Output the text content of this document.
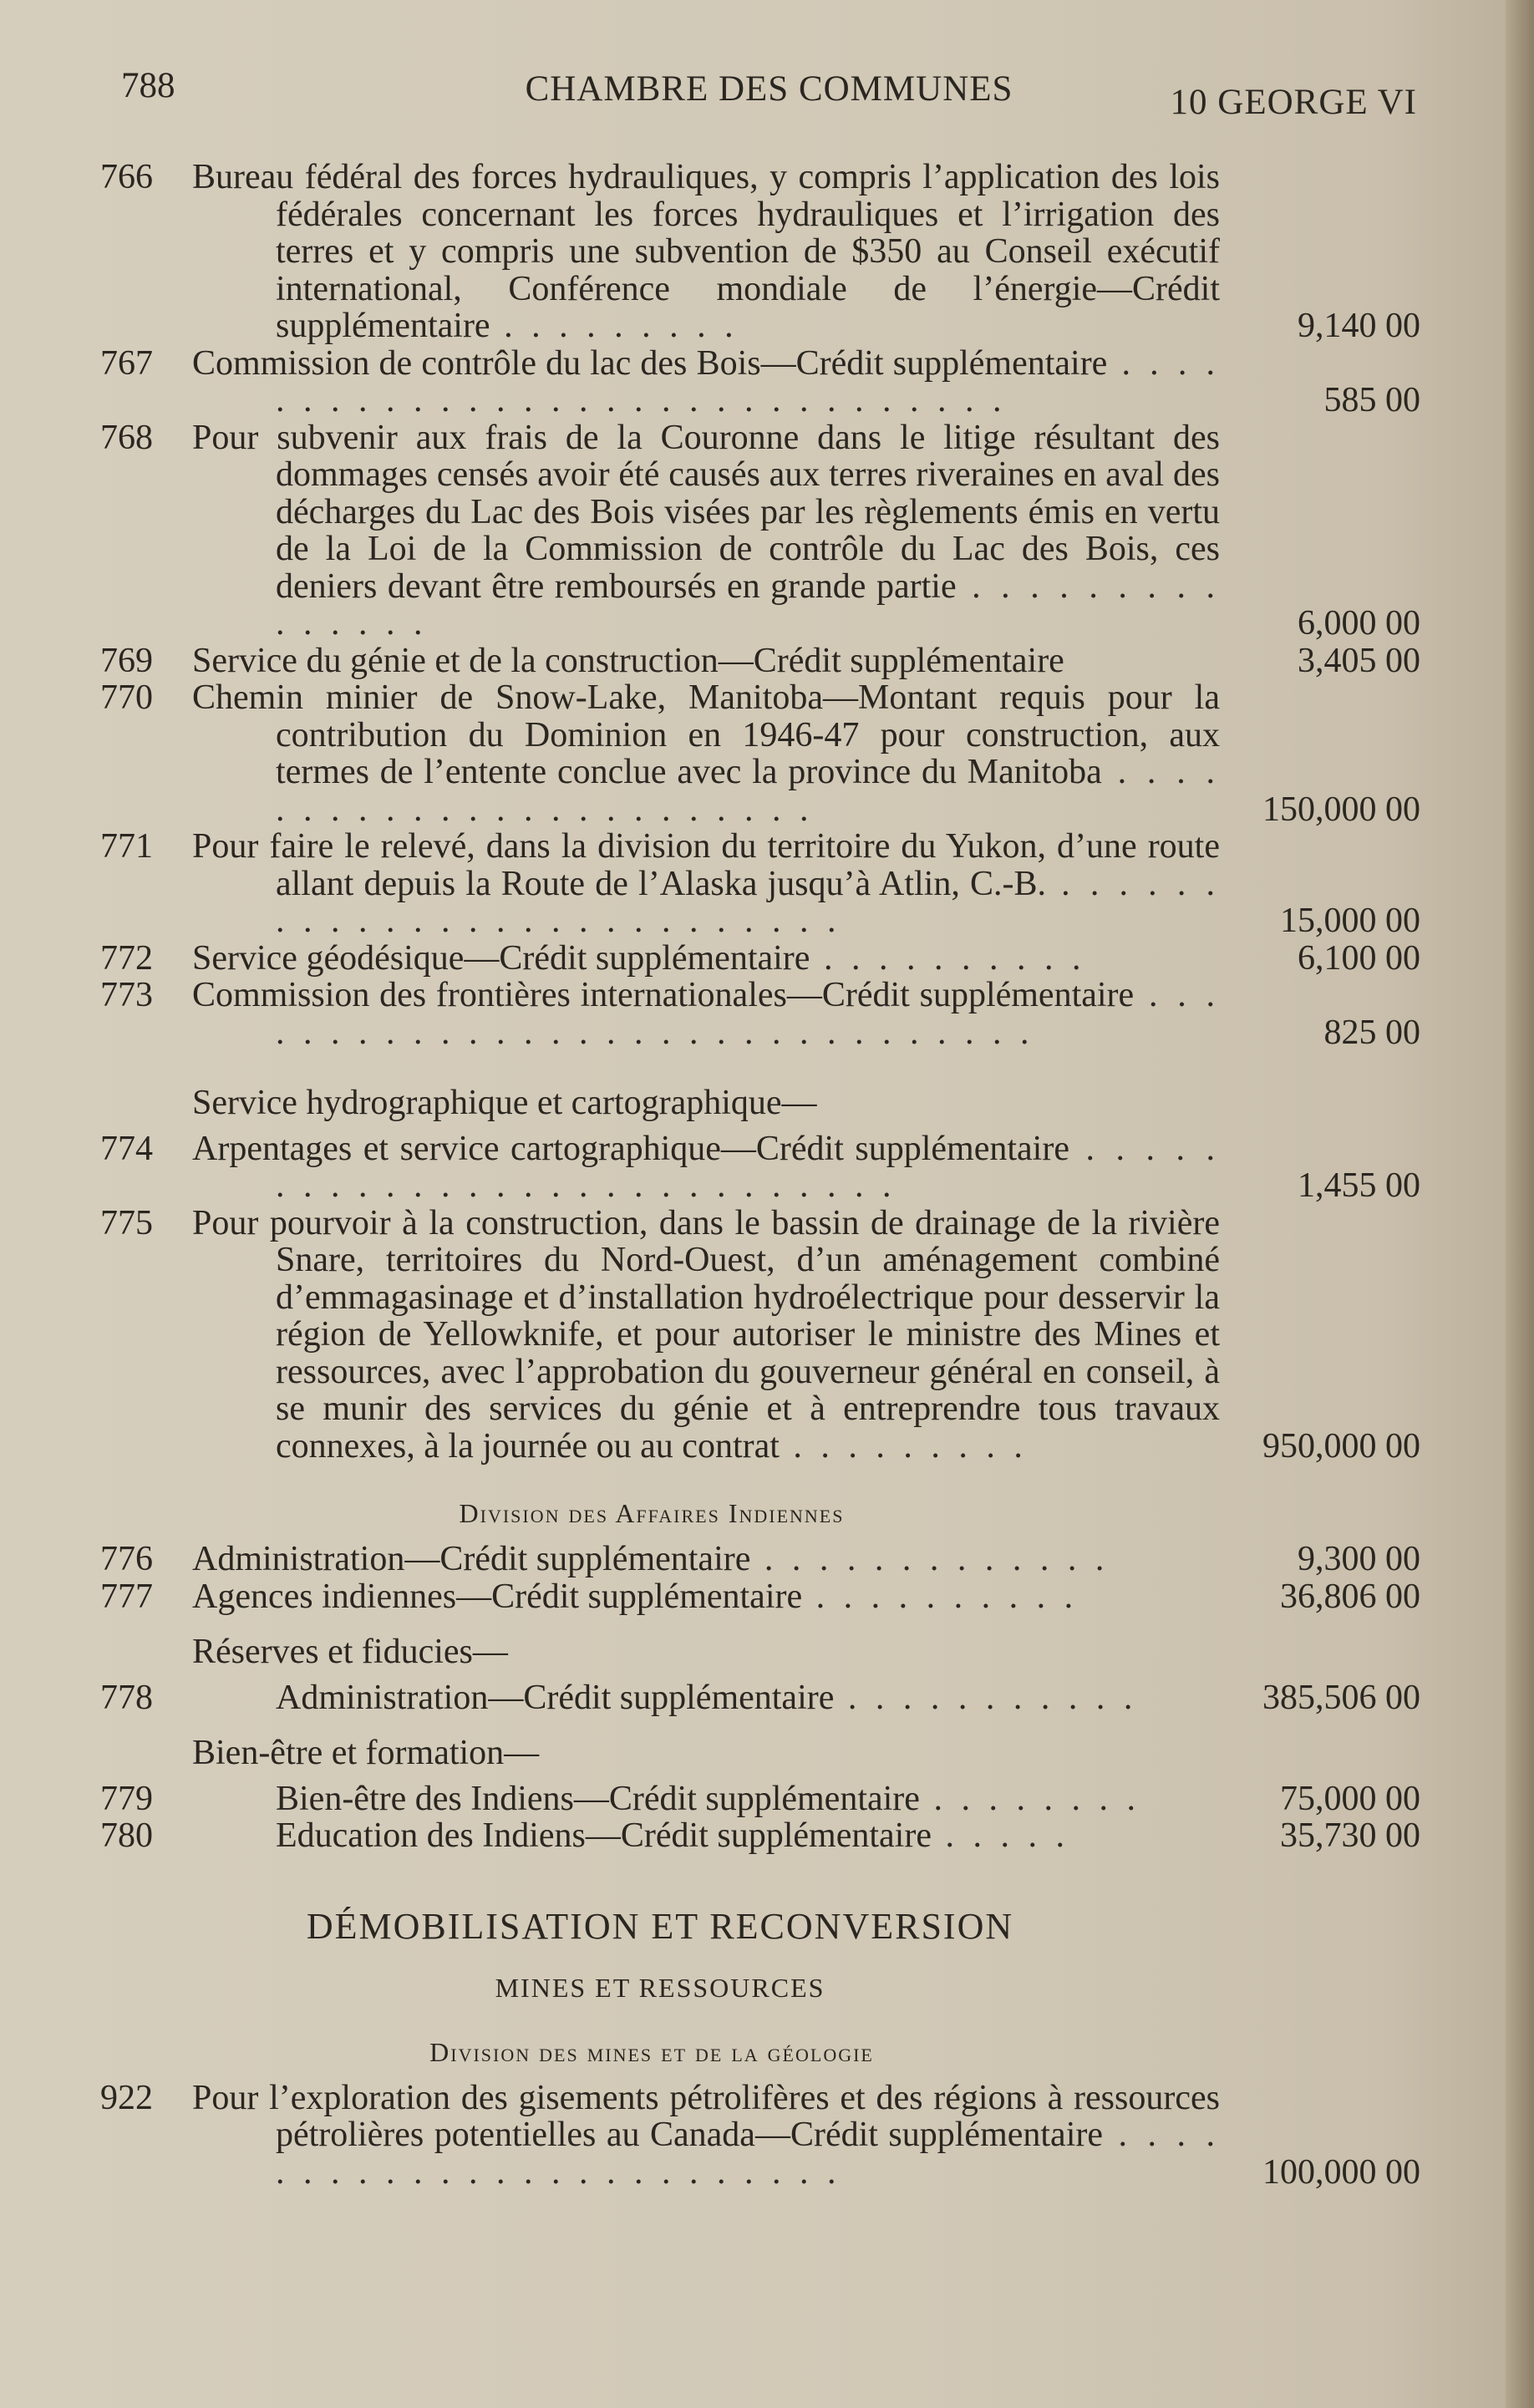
788	CHAMBRE DES COMMUNES	10 GEORGE VI
766	Bureau fédéral des forces hydrauliques, y compris l’application des lois fédérales concernant les forces hydrauliques et l’irrigation des terres et y compris une subvention de $350 au Conseil exécutif international, Conférence mondiale de l’énergie—Crédit supplémentaire . . . . . . . . .	9,140 00
767	Commission de contrôle du lac des Bois—Crédit supplémentaire . . . . . . . . . . . . . . . . . . . . . . . . . . . . . . .	585 00
768	Pour subvenir aux frais de la Couronne dans le litige résultant des dommages censés avoir été causés aux terres riveraines en aval des décharges du Lac des Bois visées par les règlements émis en vertu de la Loi de la Commission de contrôle du Lac des Bois, ces deniers devant être remboursés en grande partie . . . . . . . . . . . . . . .	6,000 00
769	Service du génie et de la construction—Crédit supplémentaire	3,405 00
770	Chemin minier de Snow-Lake, Manitoba—Montant requis pour la contribution du Dominion en 1946-47 pour construction, aux termes de l’entente conclue avec la province du Manitoba . . . . . . . . . . . . . . . . . . . . . . . .	150,000 00
771	Pour faire le relevé, dans la division du territoire du Yukon, d’une route allant depuis la Route de l’Alaska jusqu’à Atlin, C.-B. . . . . . . . . . . . . . . . . . . . . . . . . . . .	15,000 00
772	Service géodésique—Crédit supplémentaire . . . . . . . . . .	6,100 00
773	Commission des frontières internationales—Crédit supplémentaire . . . . . . . . . . . . . . . . . . . . . . . . . . . . . . .	825 00
Service hydrographique et cartographique—
774	Arpentages et service cartographique—Crédit supplémentaire . . . . . . . . . . . . . . . . . . . . . . . . . . . .	1,455 00
775	Pour pourvoir à la construction, dans le bassin de drainage de la rivière Snare, territoires du Nord-Ouest, d’un aménagement combiné d’emmagasinage et d’installation hydroélectrique pour desservir la région de Yellowknife, et pour autoriser le ministre des Mines et ressources, avec l’approbation du gouverneur général en conseil, à se munir des services du génie et à entreprendre tous travaux connexes, à la journée ou au contrat . . . . . . . . .	950,000 00
Division des Affaires Indiennes
776	Administration—Crédit supplémentaire . . . . . . . . . . . . .	9,300 00
777	Agences indiennes—Crédit supplémentaire . . . . . . . . . .	36,806 00
Réserves et fiducies—
778	Administration—Crédit supplémentaire . . . . . . . . . . .	385,506 00
Bien-être et formation—
779	Bien-être des Indiens—Crédit supplémentaire . . . . . . . .	75,000 00
780	Education des Indiens—Crédit supplémentaire . . . . .	35,730 00
DÉMOBILISATION ET RECONVERSION
MINES ET RESSOURCES
Division des mines et de la géologie
922	Pour l’exploration des gisements pétrolifères et des régions à ressources pétrolières potentielles au Canada—Crédit supplémentaire . . . . . . . . . . . . . . . . . . . . . . . . .	100,000 00
